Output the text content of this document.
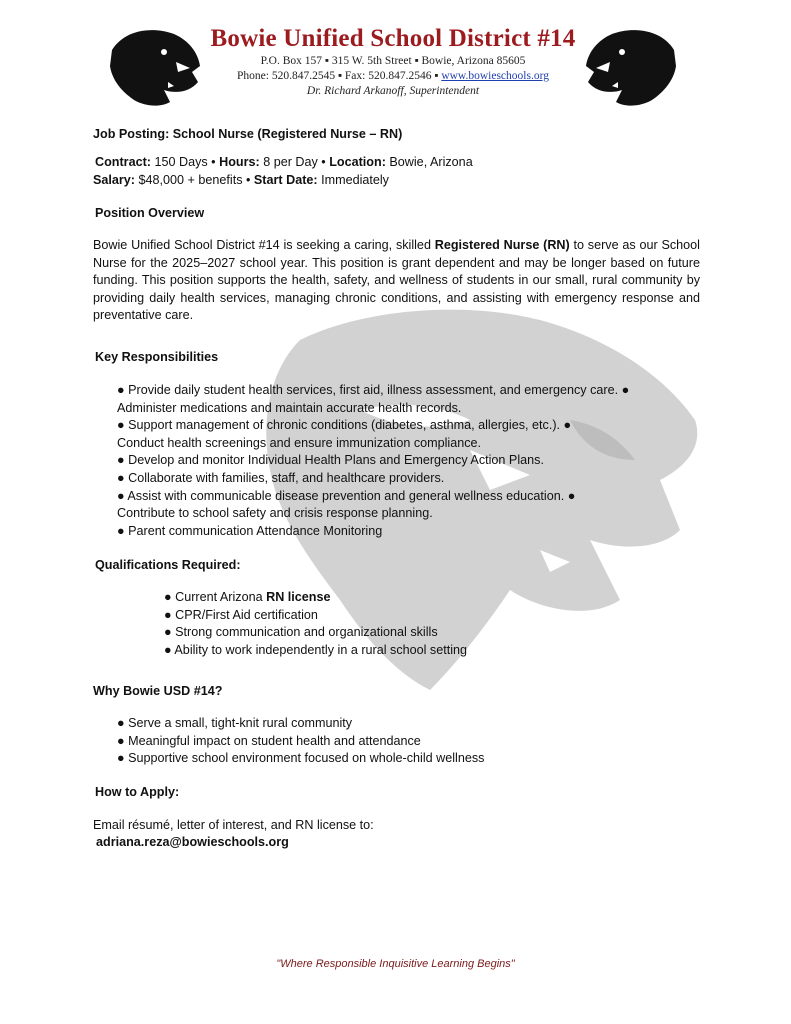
Bowie Unified School District #14
P.O. Box 157 ▪ 315 W. 5th Street ▪ Bowie, Arizona 85605
Phone: 520.847.2545 ▪ Fax: 520.847.2546 ▪ www.bowieschools.org
Dr. Richard Arkanoff, Superintendent
Job Posting: School Nurse (Registered Nurse – RN)
Contract: 150 Days • Hours: 8 per Day • Location: Bowie, Arizona
Salary: $48,000 + benefits • Start Date: Immediately
Position Overview
Bowie Unified School District #14 is seeking a caring, skilled Registered Nurse (RN) to serve as our School Nurse for the 2025–2027 school year. This position is grant dependent and may be longer based on future funding. This position supports the health, safety, and wellness of students in our small, rural community by providing daily health services, managing chronic conditions, and assisting with emergency response and preventative care.
Key Responsibilities
● Provide daily student health services, first aid, illness assessment, and emergency care. ●
Administer medications and maintain accurate health records.
● Support management of chronic conditions (diabetes, asthma, allergies, etc.). ●
Conduct health screenings and ensure immunization compliance.
● Develop and monitor Individual Health Plans and Emergency Action Plans.
● Collaborate with families, staff, and healthcare providers.
● Assist with communicable disease prevention and general wellness education. ●
Contribute to school safety and crisis response planning.
● Parent communication Attendance Monitoring
Qualifications Required:
● Current Arizona RN license
● CPR/First Aid certification
● Strong communication and organizational skills
● Ability to work independently in a rural school setting
Why Bowie USD #14?
● Serve a small, tight-knit rural community
● Meaningful impact on student health and attendance
● Supportive school environment focused on whole-child wellness
How to Apply:
Email résumé, letter of interest, and RN license to:
adriana.reza@bowieschools.org
"Where Responsible Inquisitive Learning Begins"
